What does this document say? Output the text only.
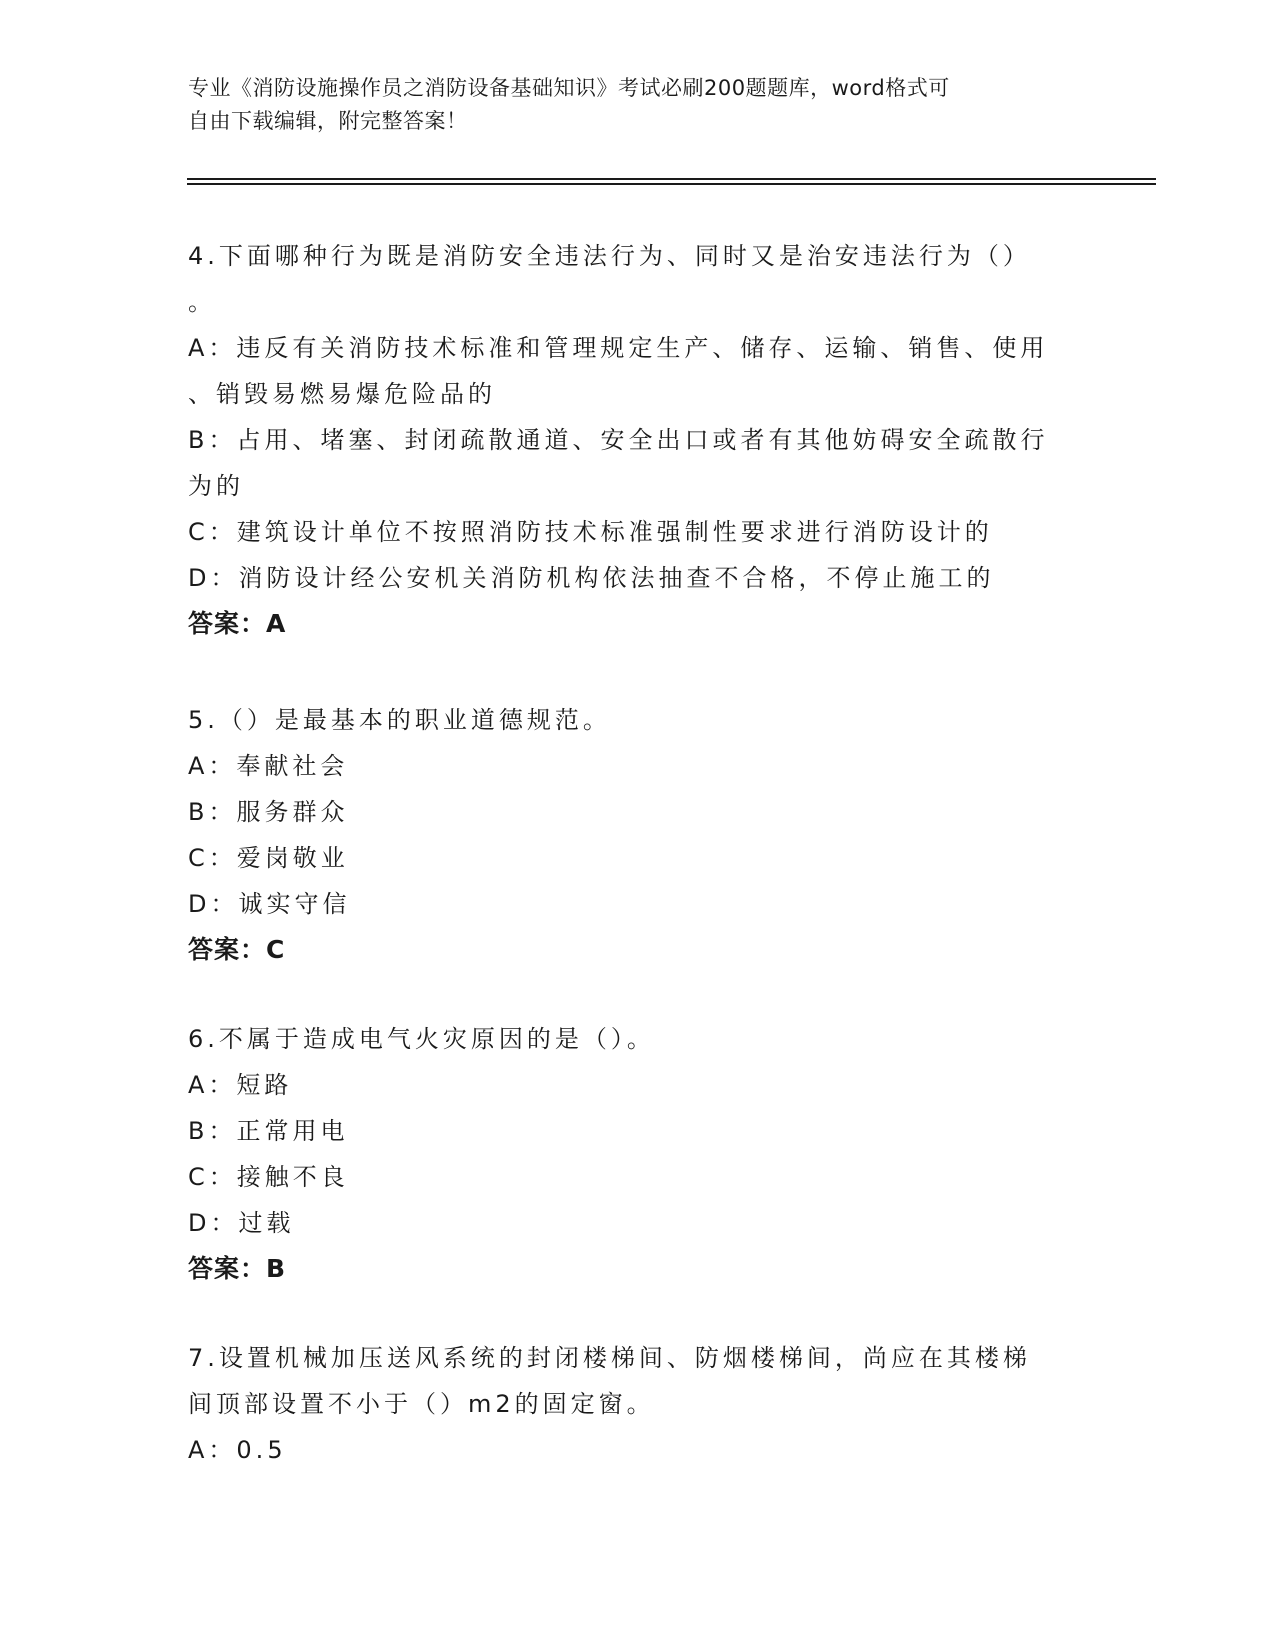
专业《消防设施操作员之消防设备基础知识》考试必刷200题题库，word格式可
自由下载编辑，附完整答案！
4.下面哪种行为既是消防安全违法行为、同时又是治安违法行为（）
。
A：违反有关消防技术标准和管理规定生产、储存、运输、销售、使用
、销毁易燃易爆危险品的
B：占用、堵塞、封闭疏散通道、安全出口或者有其他妨碍安全疏散行
为的
C：建筑设计单位不按照消防技术标准强制性要求进行消防设计的
D：消防设计经公安机关消防机构依法抽查不合格，不停止施工的
答案：A
5.（）是最基本的职业道德规范。
A：奉献社会
B：服务群众
C：爱岗敬业
D：诚实守信
答案：C
6.不属于造成电气火灾原因的是（）。
A：短路
B：正常用电
C：接触不良
D：过载
答案：B
7.设置机械加压送风系统的封闭楼梯间、防烟楼梯间，尚应在其楼梯
间顶部设置不小于（）m2的固定窗。
A：0.5
